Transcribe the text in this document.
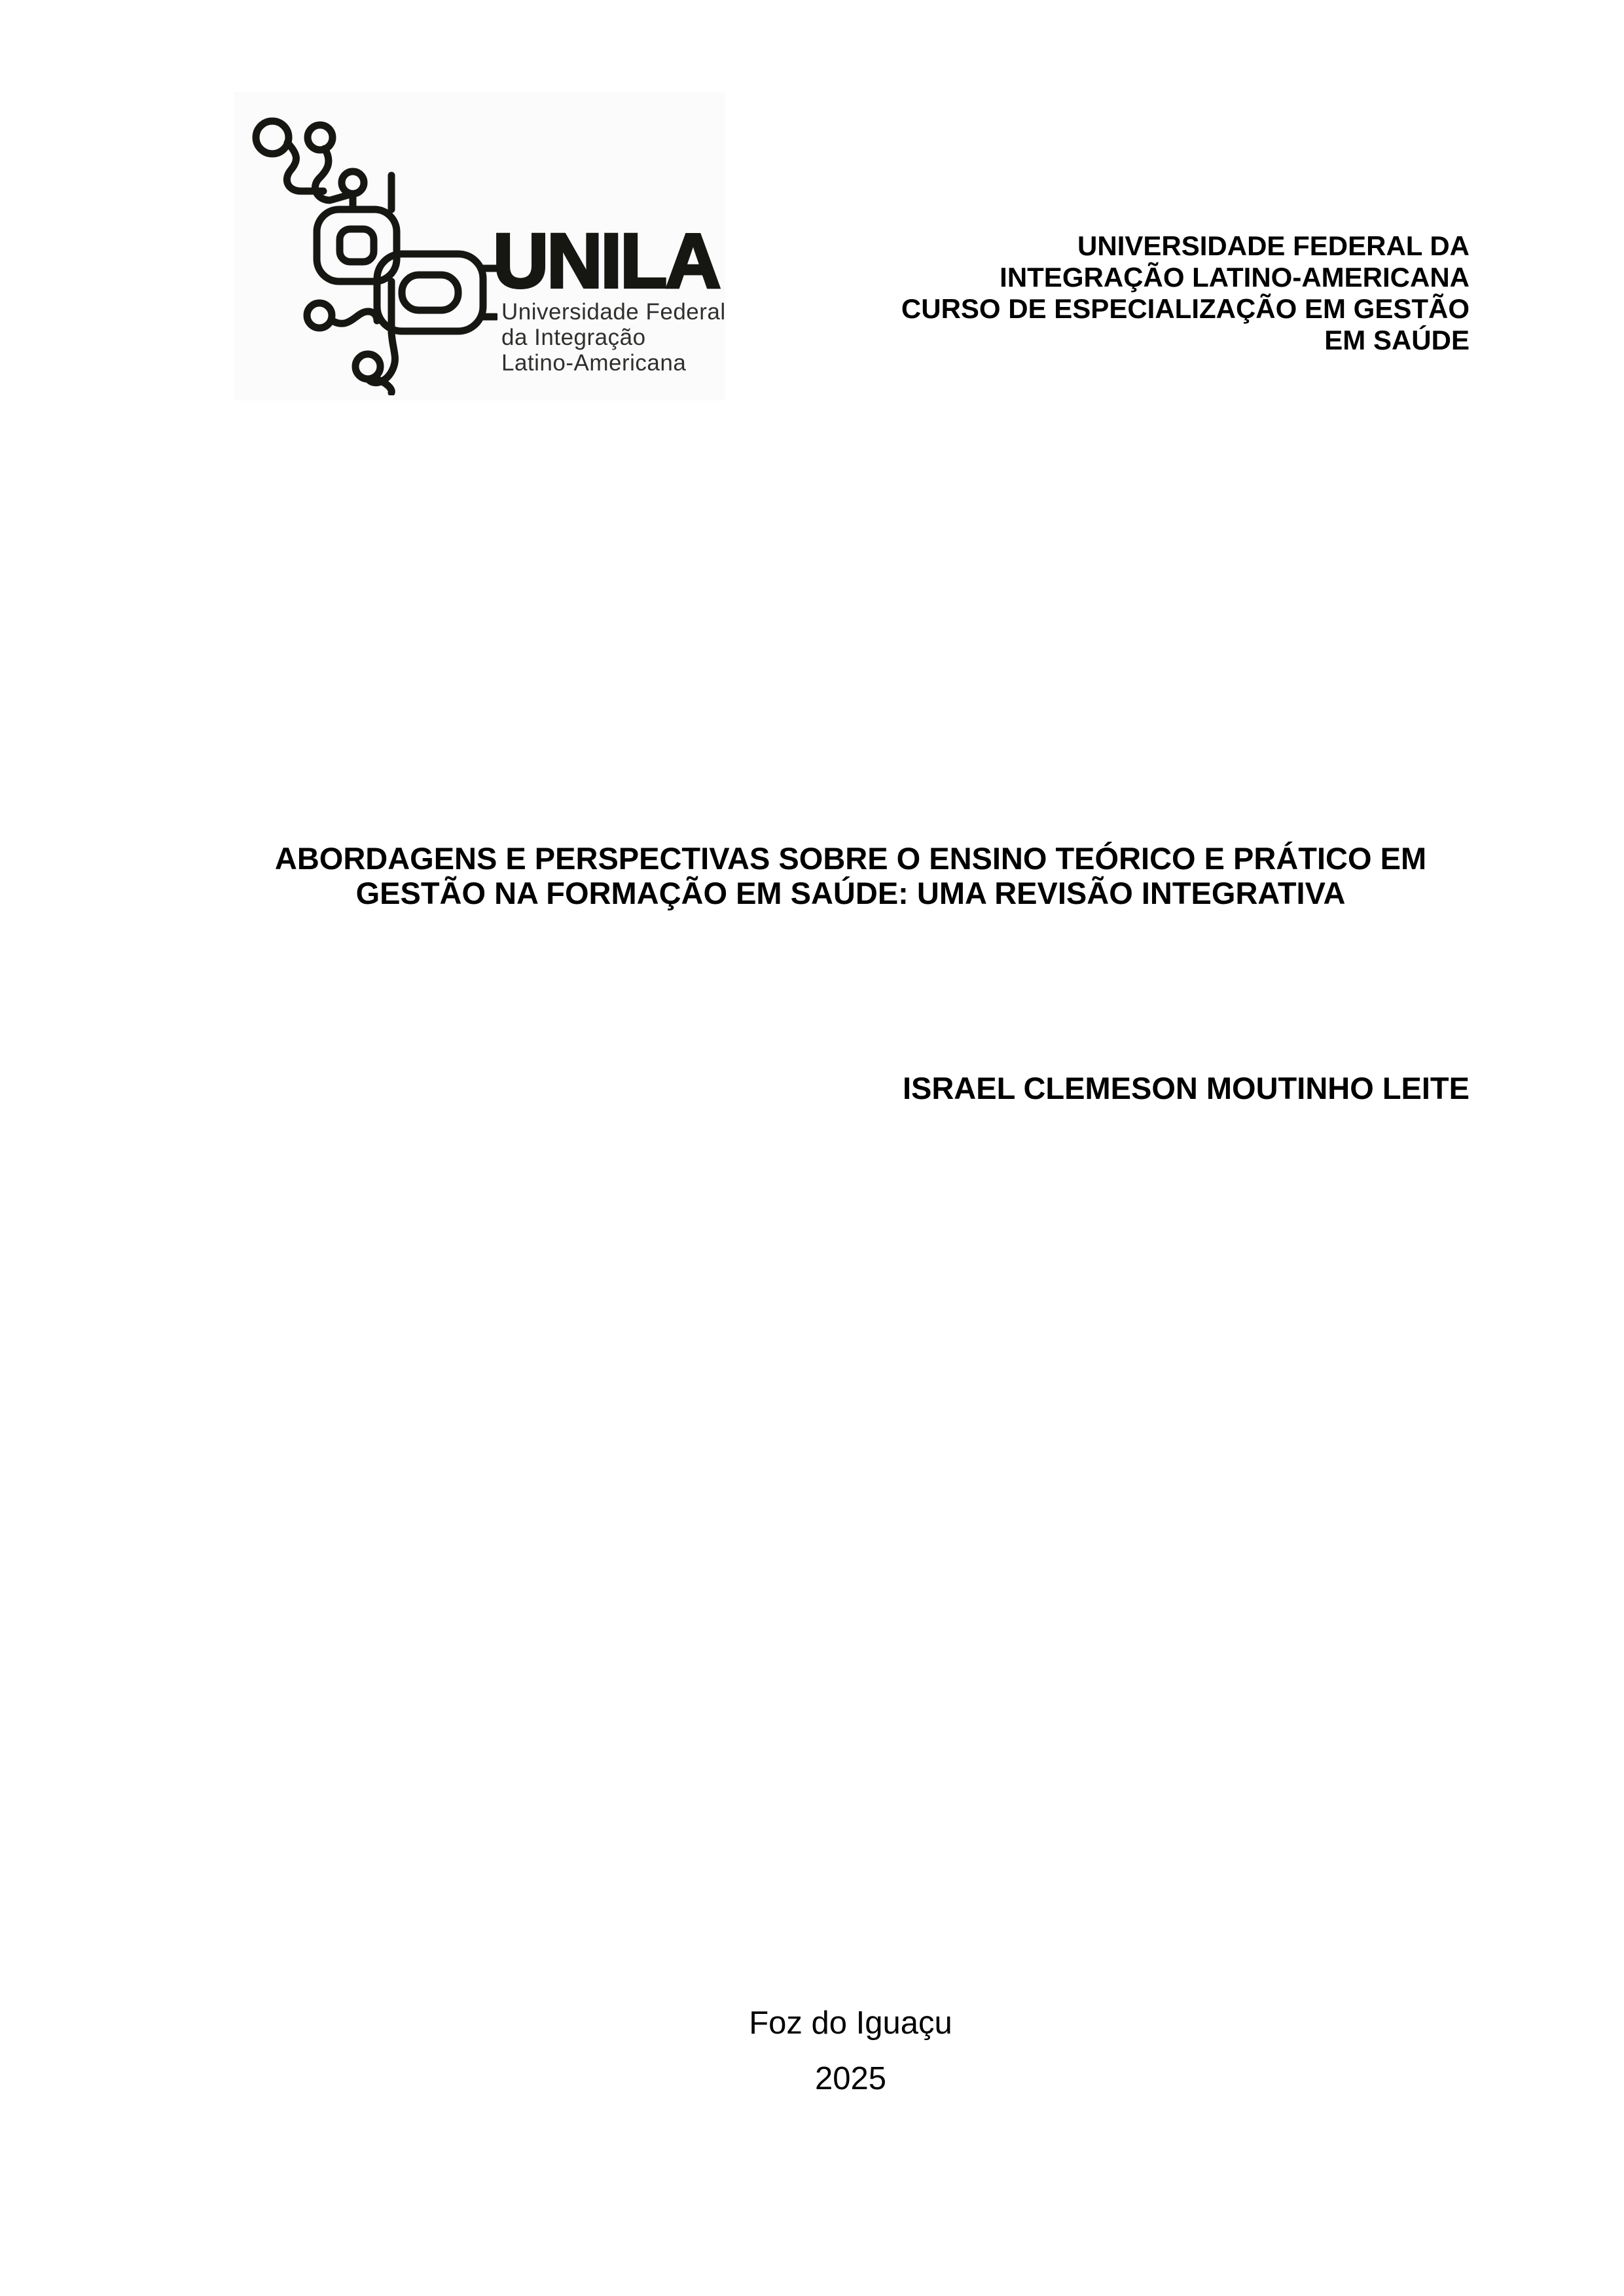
UNILA
Universidade Federal
da Integração
Latino-Americana
UNIVERSIDADE FEDERAL DA
INTEGRAÇÃO LATINO-AMERICANA
CURSO DE ESPECIALIZAÇÃO EM GESTÃO
EM SAÚDE
ABORDAGENS E PERSPECTIVAS SOBRE O ENSINO TEÓRICO E PRÁTICO EM
GESTÃO NA FORMAÇÃO EM SAÚDE: UMA REVISÃO INTEGRATIVA
ISRAEL CLEMESON MOUTINHO LEITE
Foz do Iguaçu
2025
